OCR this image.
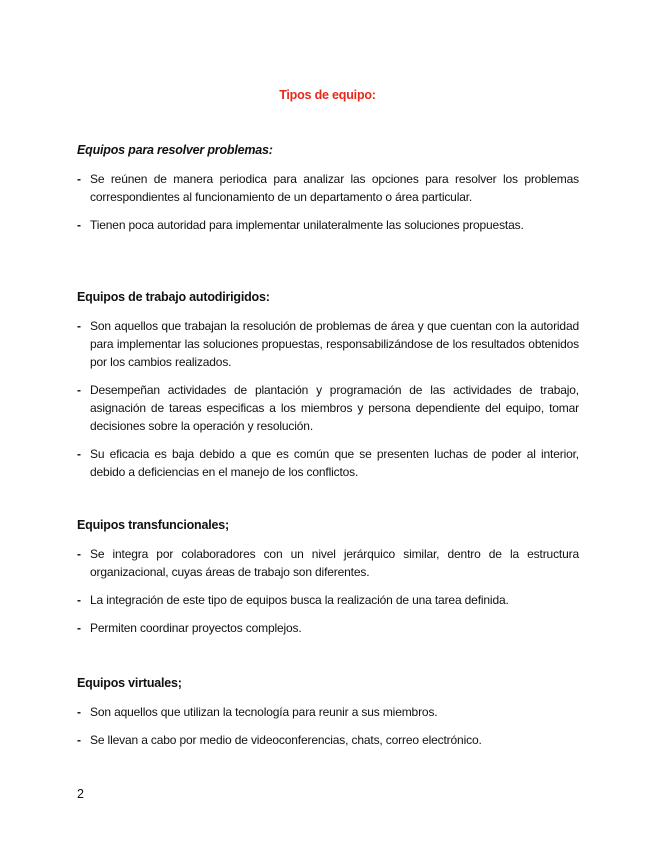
Tipos de equipo:
Equipos para resolver problemas:
- Se reúnen de manera periodica para analizar las opciones para resolver los problemas correspondientes al funcionamiento de un departamento o área particular.
- Tienen poca autoridad para implementar unilateralmente las soluciones propuestas.
Equipos de trabajo autodirigidos:
- Son aquellos que trabajan la resolución de problemas de área y que cuentan con la autoridad para implementar las soluciones propuestas, responsabilizándose de los resultados obtenidos por los cambios realizados.
- Desempeñan actividades de plantación y programación de las actividades de trabajo, asignación de tareas especificas a los miembros y persona dependiente del equipo, tomar decisiones sobre la operación y resolución.
- Su eficacia es baja debido a que es común que se presenten luchas de poder al interior, debido a deficiencias en el manejo de los conflictos.
Equipos transfuncionales;
- Se integra por colaboradores con un nivel jerárquico similar, dentro de la estructura organizacional, cuyas áreas de trabajo son diferentes.
- La integración de este tipo de equipos busca la realización de una tarea definida.
- Permiten coordinar proyectos complejos.
Equipos virtuales;
- Son aquellos que utilizan la tecnología para reunir a sus miembros.
- Se llevan a cabo por medio de videoconferencias, chats, correo electrónico.
2
